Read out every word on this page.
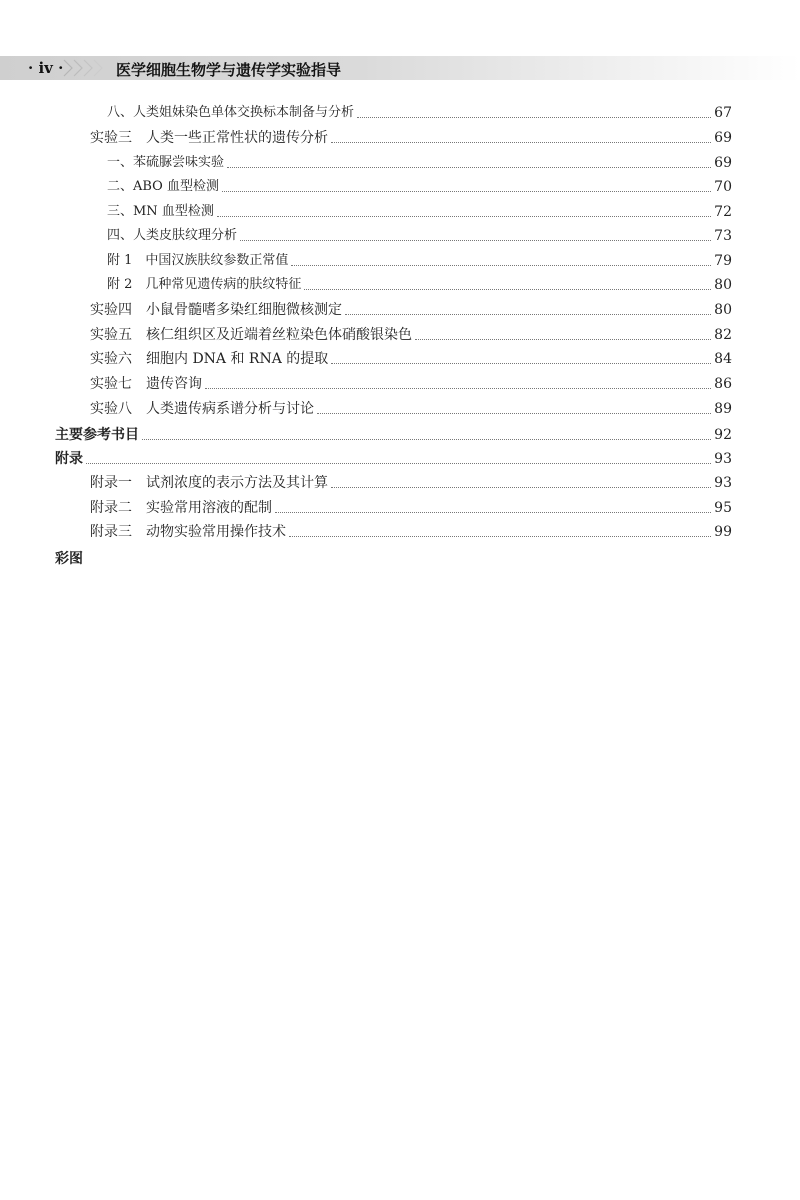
· iv ·	医学细胞生物学与遗传学实验指导
八、人类姐妹染色单体交换标本制备与分析	67
实验三　人类一些正常性状的遗传分析	69
一、苯硫脲尝味实验	69
二、ABO 血型检测	70
三、MN 血型检测	72
四、人类皮肤纹理分析	73
附 1　中国汉族肤纹参数正常值	79
附 2　几种常见遗传病的肤纹特征	80
实验四　小鼠骨髓嗜多染红细胞微核测定	80
实验五　核仁组织区及近端着丝粒染色体硝酸银染色	82
实验六　细胞内 DNA 和 RNA 的提取	84
实验七　遗传咨询	86
实验八　人类遗传病系谱分析与讨论	89
主要参考书目	92
附录	93
附录一　试剂浓度的表示方法及其计算	93
附录二　实验常用溶液的配制	95
附录三　动物实验常用操作技术	99
彩图
